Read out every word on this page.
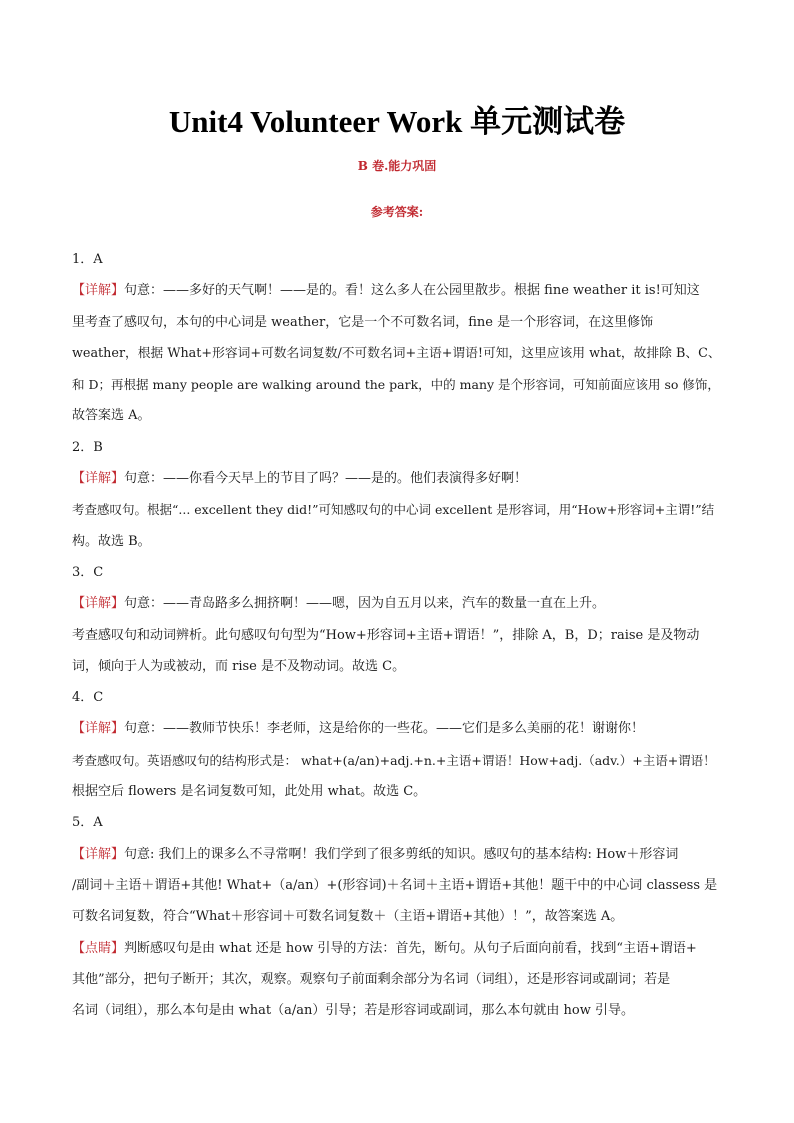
Unit4 Volunteer Work 单元测试卷
B 卷.能力巩固
参考答案:
1．A
【详解】句意：——多好的天气啊！——是的。看！这么多人在公园里散步。根据 fine weather it is!可知这
里考查了感叹句，本句的中心词是 weather，它是一个不可数名词，fine 是一个形容词，在这里修饰
weather，根据 What+形容词+可数名词复数/不可数名词+主语+谓语!可知，这里应该用 what，故排除 B、C、
和 D；再根据 many people are walking around the park，中的 many 是个形容词，可知前面应该用 so 修饰，
故答案选 A。
2．B
【详解】句意：——你看今天早上的节目了吗？——是的。他们表演得多好啊！
考查感叹句。根据“... excellent they did!”可知感叹句的中心词 excellent 是形容词，用“How+形容词+主谓!”结
构。故选 B。
3．C
【详解】句意：——青岛路多么拥挤啊！——嗯，因为自五月以来，汽车的数量一直在上升。
考查感叹句和动词辨析。此句感叹句句型为“How+形容词+主语+谓语！”，排除 A，B，D；raise 是及物动
词，倾向于人为或被动，而 rise 是不及物动词。故选 C。
4．C
【详解】句意：——教师节快乐！李老师，这是给你的一些花。——它们是多么美丽的花！谢谢你！
考查感叹句。英语感叹句的结构形式是： what+(a/an)+adj.+n.+主语+谓语！How+adj.（adv.）+主语+谓语！
根据空后 flowers 是名词复数可知，此处用 what。故选 C。
5．A
【详解】句意: 我们上的课多么不寻常啊！我们学到了很多剪纸的知识。感叹句的基本结构: How＋形容词
/副词＋主语＋谓语+其他! What+（a/an）+(形容词)＋名词＋主语+谓语+其他！题干中的中心词 classess 是
可数名词复数，符合“What＋形容词＋可数名词复数＋（主语+谓语+其他）！”，故答案选 A。
【点睛】判断感叹句是由 what 还是 how 引导的方法：首先，断句。从句子后面向前看，找到“主语+谓语+
其他”部分，把句子断开；其次，观察。观察句子前面剩余部分为名词（词组），还是形容词或副词；若是
名词（词组），那么本句是由 what（a/an）引导；若是形容词或副词，那么本句就由 how 引导。
